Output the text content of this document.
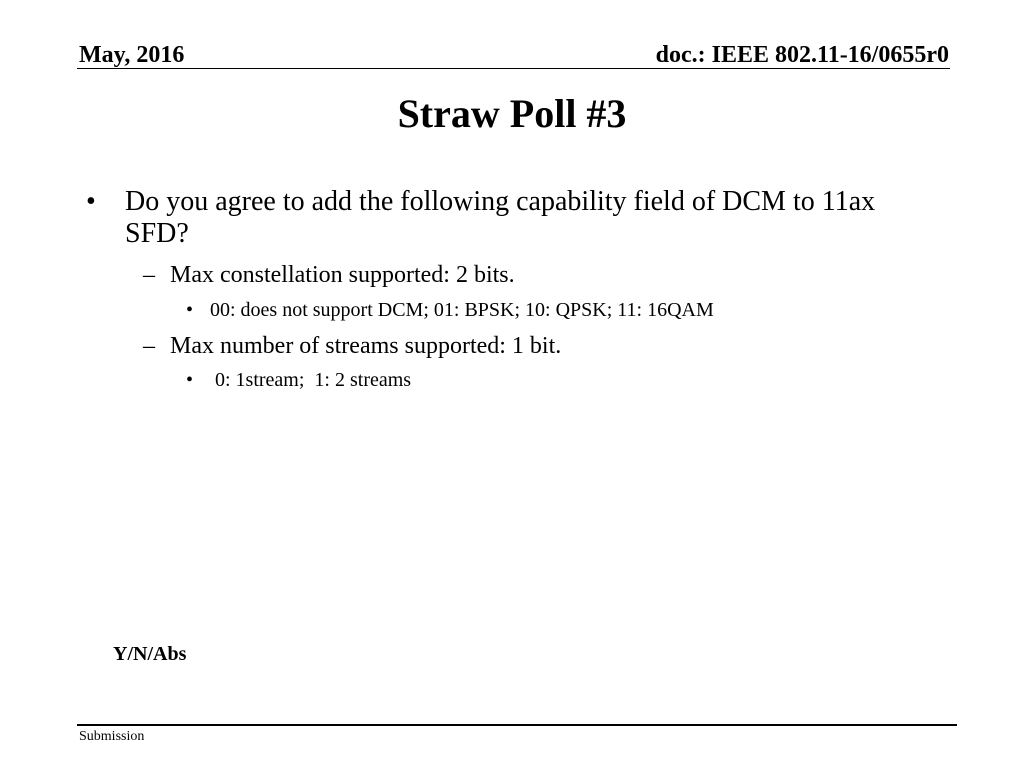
May, 2016	doc.: IEEE 802.11-16/0655r0
Straw Poll #3
• Do you agree to add the following capability field of DCM to 11ax SFD?
– Max constellation supported: 2 bits.
• 00: does not support DCM; 01: BPSK; 10: QPSK; 11: 16QAM
– Max number of streams supported: 1 bit.
• 0: 1stream;  1: 2 streams
Y/N/Abs
Submission
